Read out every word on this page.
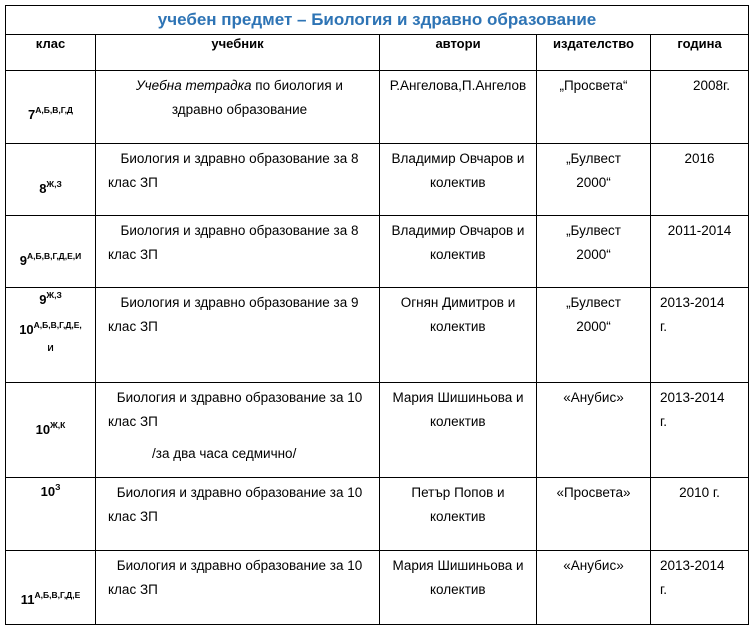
учебен предмет – Биология и здравно образование				
клас	учебник	автори	издателство	година

$7^{А,Б,В,Г,Д}$	Учебна тетрадка по биология и
здравно образование	Р.Ангелова,П.Ангелов	„Просвета“	2008г.

$8^{Ж,З}$	Биология и здравно образование за 8
клас ЗП	Владимир Овчаров и
колектив	„Булвест
2000“	2016

$9^{А,Б,В,Г,Д,Е,И}$	Биология и здравно образование за 8
клас ЗП	Владимир Овчаров и
колектив	„Булвест
2000“	2011-2014

$9^{Ж,З}$
$10^{А,Б,В,Г,Д,Е,}$
И	Биология и здравно образование за 9
клас ЗП	Огнян Димитров и
колектив	„Булвест
2000“	2013-2014
г.

$10^{Ж,К}$	Биология и здравно образование за 10
клас ЗП
/за два часа седмично/	Мария Шишиньова и
колектив	«Анубис»	2013-2014
г.

$10^З$	Биология и здравно образование за 10
клас ЗП	Петър Попов и
колектив	«Просвета»	2010 г.

$11^{А,Б,В,Г,Д,Е}$	Биология и здравно образование за 10
клас ЗП	Мария Шишиньова и
колектив	«Анубис»	2013-2014
г.
